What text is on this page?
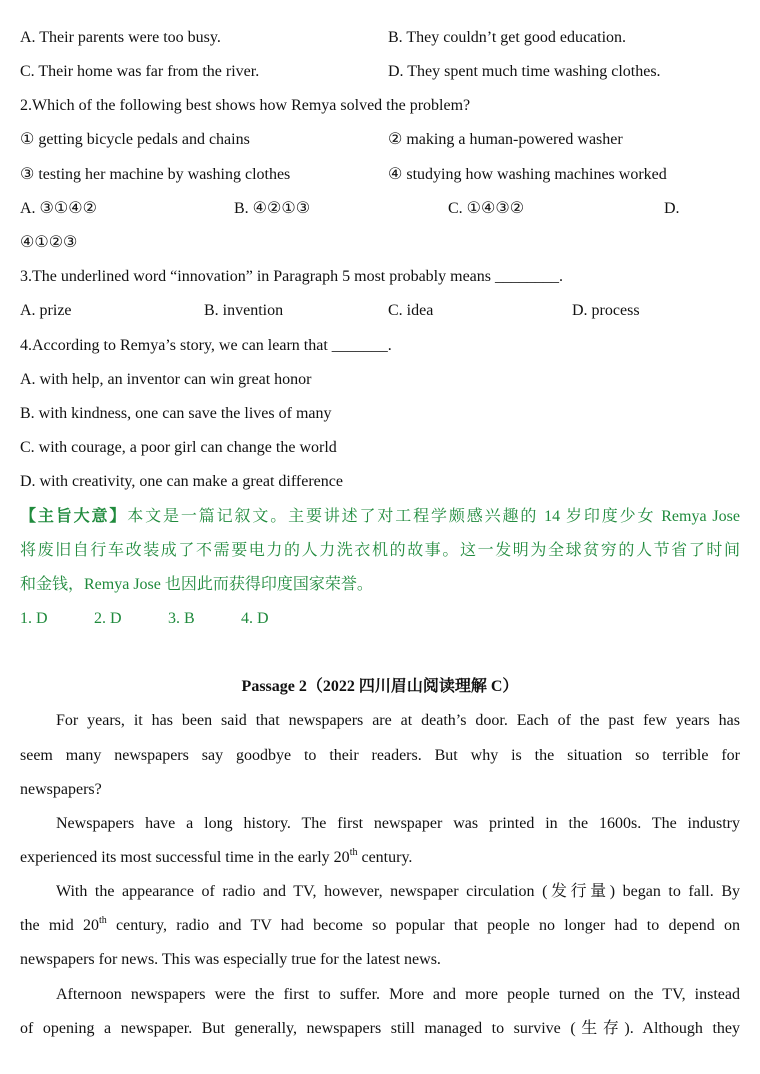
A. Their parents were too busy.	B. They couldn’t get good education.
C. Their home was far from the river.	D. They spent much time washing clothes.
2.Which of the following best shows how Remya solved the problem?
① getting bicycle pedals and chains	② making a human-powered washer
③ testing her machine by washing clothes	④ studying how washing machines worked
A. ③①④②	B. ④②①③	C. ①④③②	D.
④①②③
3.The underlined word “innovation” in Paragraph 5 most probably means ________.
A. prize	B. invention	C. idea	D. process
4.According to Remya’s story, we can learn that _______.
A. with help, an inventor can win great honor
B. with kindness, one can save the lives of many
C. with courage, a poor girl can change the world
D. with creativity, one can make a great difference
【主旨大意】本文是一篇记叙文。主要讲述了对工程学颇感兴趣的 14 岁印度少女 Remya Jose
将废旧自行车改装成了不需要电力的人力洗衣机的故事。这一发明为全球贫穷的人节省了时间
和金钱，Remya Jose 也因此而获得印度国家荣誉。
1. D	2. D	3. B	4. D
Passage 2（2022 四川眉山阅读理解 C）
For years, it has been said that newspapers are at death’s door. Each of the past few years has
seem many newspapers say goodbye to their readers. But why is the situation so terrible for
newspapers?
Newspapers have a long history. The first newspaper was printed in the 1600s. The industry
experienced its most successful time in the early 20th century.
With the appearance of radio and TV, however, newspaper circulation (发行量) began to fall. By
the mid 20th century, radio and TV had become so popular that people no longer had to depend on
newspapers for news. This was especially true for the latest news.
Afternoon newspapers were the first to suffer. More and more people turned on the TV, instead
of opening a newspaper. But generally, newspapers still managed to survive (生存). Although they
